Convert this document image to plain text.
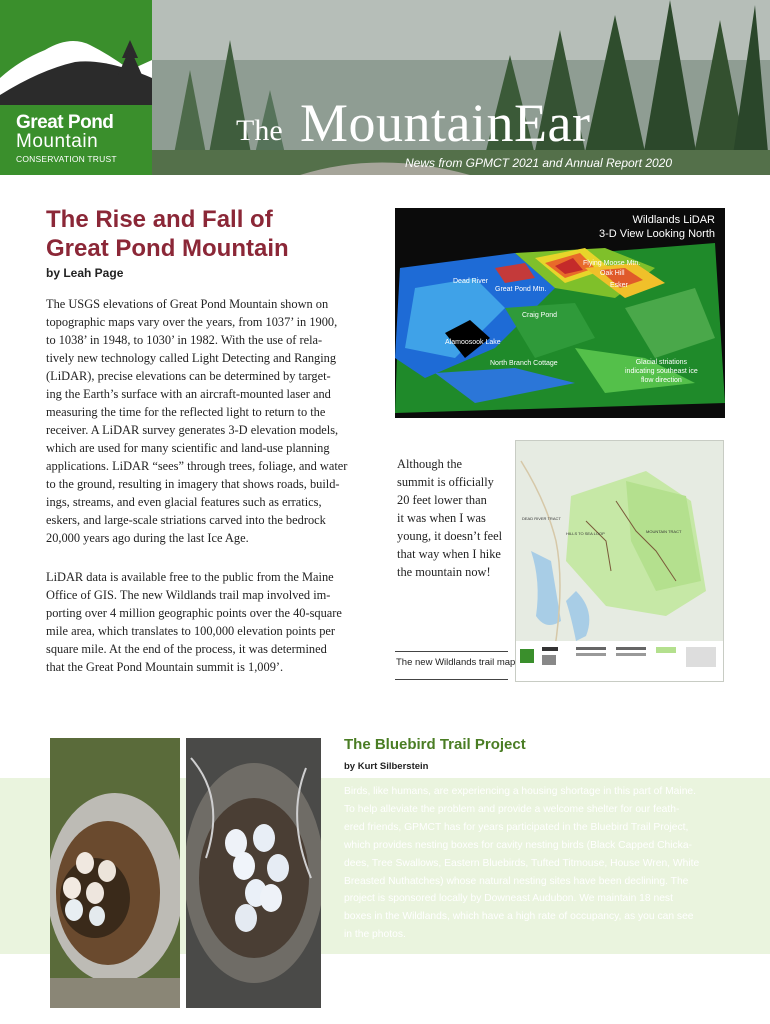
Great Pond
Mountain
CONSERVATION TRUST
The MountainEar
News from GPMCT 2021 and Annual Report 2020
The Rise and Fall of
Great Pond Mountain
by Leah Page
The USGS elevations of Great Pond Mountain shown on
topographic maps vary over the years, from 1037’ in 1900,
to 1038’ in 1948, to 1030’ in 1982. With the use of rela-
tively new technology called Light Detecting and Ranging
(LiDAR), precise elevations can be determined by target-
ing the Earth’s surface with an aircraft-mounted laser and
measuring the time for the reflected light to return to the
receiver. A LiDAR survey generates 3-D elevation models,
which are used for many scientific and land-use planning
applications. LiDAR “sees” through trees, foliage, and water
to the ground, resulting in imagery that shows roads, build-
ings, streams, and even glacial features such as erratics,
eskers, and large-scale striations carved into the bedrock
20,000 years ago during the last Ice Age.
LiDAR data is available free to the public from the Maine
Office of GIS. The new Wildlands trail map involved im-
porting over 4 million geographic points over the 40-square
mile area, which translates to 100,000 elevation points per
square mile. At the end of the process, it was determined
that the Great Pond Mountain summit is 1,009’.
Wildlands LiDAR
3-D View Looking North
Flying Moose Mtn.
Oak Hill
Dead River
Great Pond Mtn.
Esker
Craig Pond
Alamoosook Lake
North Branch Cottage	Glacial striations
indicating southeast ice
flow direction
Although the
summit is officially
20 feet lower than
it was when I was
young, it doesn’t feel
that way when I hike
the mountain now!
The new Wildlands trail map
DEAD RIVER TRACT
HILLS TO SEA LOOP	MOUNTAIN TRACT
The Bluebird Trail Project
by Kurt Silberstein
Birds, like humans, are experiencing a housing shortage in this part of Maine.
To help alleviate the problem and provide a welcome shelter for our feath-
ered friends, GPMCT has for years participated in the Bluebird Trail Project,
which provides nesting boxes for cavity nesting birds (Black Capped Chicka-
dees, Tree Swallows, Eastern Bluebirds, Tufted Titmouse, House Wren, White
Breasted Nuthatches) whose natural nesting sites have been declining. The
project is sponsored locally by Downeast Audubon. We maintain 18 nest
boxes in the Wildlands, which have a high rate of occupancy, as you can see
in the photos.
